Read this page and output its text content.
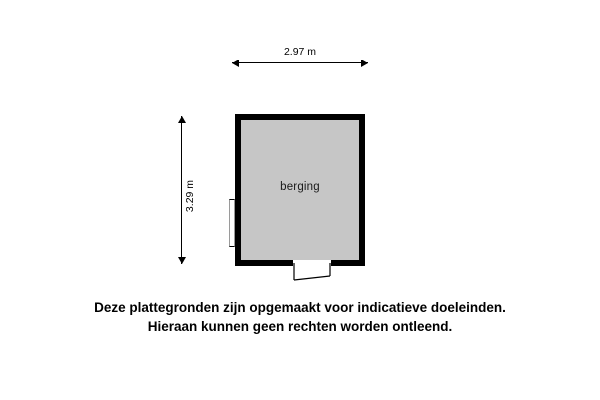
2.97 m
3.29 m	berging
Deze plattegronden zijn opgemaakt voor indicatieve doeleinden.
Hieraan kunnen geen rechten worden ontleend.
